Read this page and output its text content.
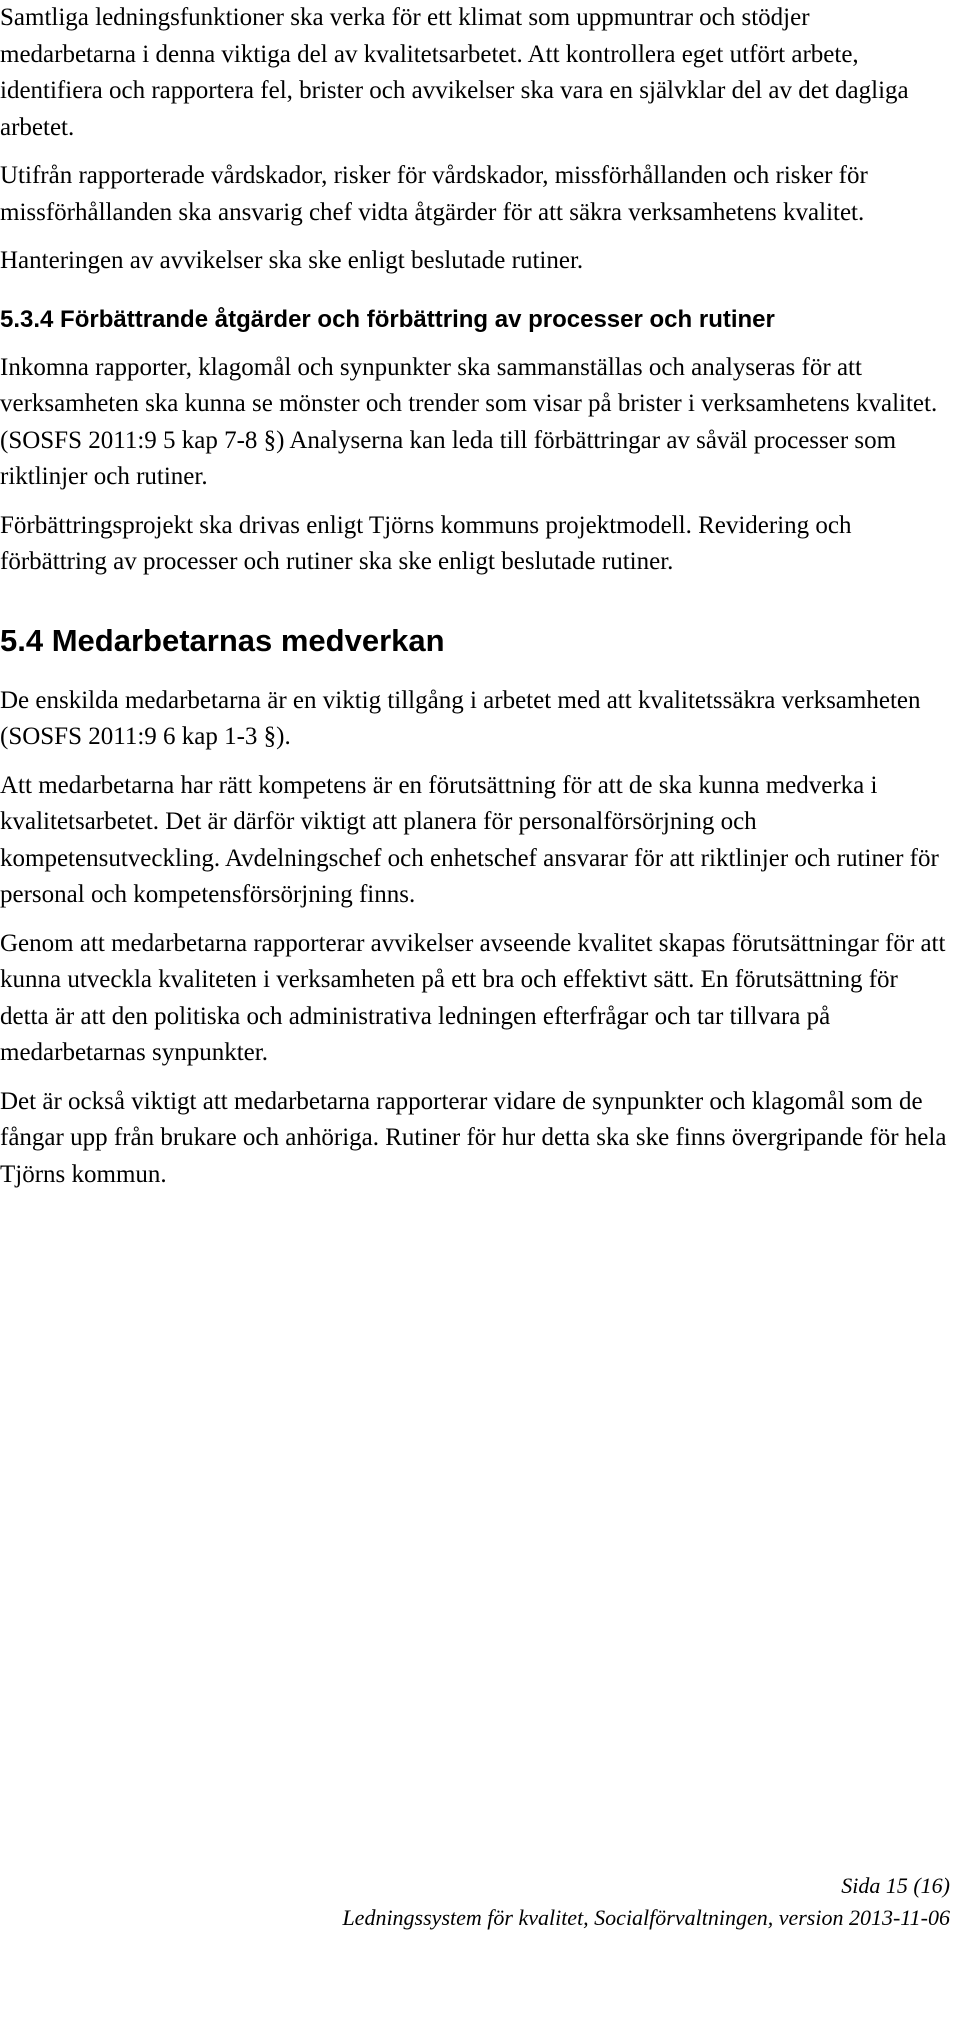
Samtliga ledningsfunktioner ska verka för ett klimat som uppmuntrar och stödjer medarbetarna i denna viktiga del av kvalitetsarbetet. Att kontrollera eget utfört arbete, identifiera och rapportera fel, brister och avvikelser ska vara en självklar del av det dagliga arbetet.

Utifrån rapporterade vårdskador, risker för vårdskador, missförhållanden och risker för missförhållanden ska ansvarig chef vidta åtgärder för att säkra verksamhetens kvalitet.

Hanteringen av avvikelser ska ske enligt beslutade rutiner.

5.3.4 Förbättrande åtgärder och förbättring av processer och rutiner

Inkomna rapporter, klagomål och synpunkter ska sammanställas och analyseras för att verksamheten ska kunna se mönster och trender som visar på brister i verksamhetens kvalitet. (SOSFS 2011:9 5 kap 7-8 §) Analyserna kan leda till förbättringar av såväl processer som riktlinjer och rutiner.

Förbättringsprojekt ska drivas enligt Tjörns kommuns projektmodell. Revidering och förbättring av processer och rutiner ska ske enligt beslutade rutiner.

5.4 Medarbetarnas medverkan

De enskilda medarbetarna är en viktig tillgång i arbetet med att kvalitetssäkra verksamheten (SOSFS 2011:9 6 kap 1-3 §).

Att medarbetarna har rätt kompetens är en förutsättning för att de ska kunna medverka i kvalitetsarbetet. Det är därför viktigt att planera för personalförsörjning och kompetensutveckling. Avdelningschef och enhetschef ansvarar för att riktlinjer och rutiner för personal och kompetensförsörjning finns.

Genom att medarbetarna rapporterar avvikelser avseende kvalitet skapas förutsättningar för att kunna utveckla kvaliteten i verksamheten på ett bra och effektivt sätt. En förutsättning för detta är att den politiska och administrativa ledningen efterfrågar och tar tillvara på medarbetarnas synpunkter.

Det är också viktigt att medarbetarna rapporterar vidare de synpunkter och klagomål som de fångar upp från brukare och anhöriga. Rutiner för hur detta ska ske finns övergripande för hela Tjörns kommun.

Sida 15 (16)
Ledningssystem för kvalitet, Socialförvaltningen, version 2013-11-06
